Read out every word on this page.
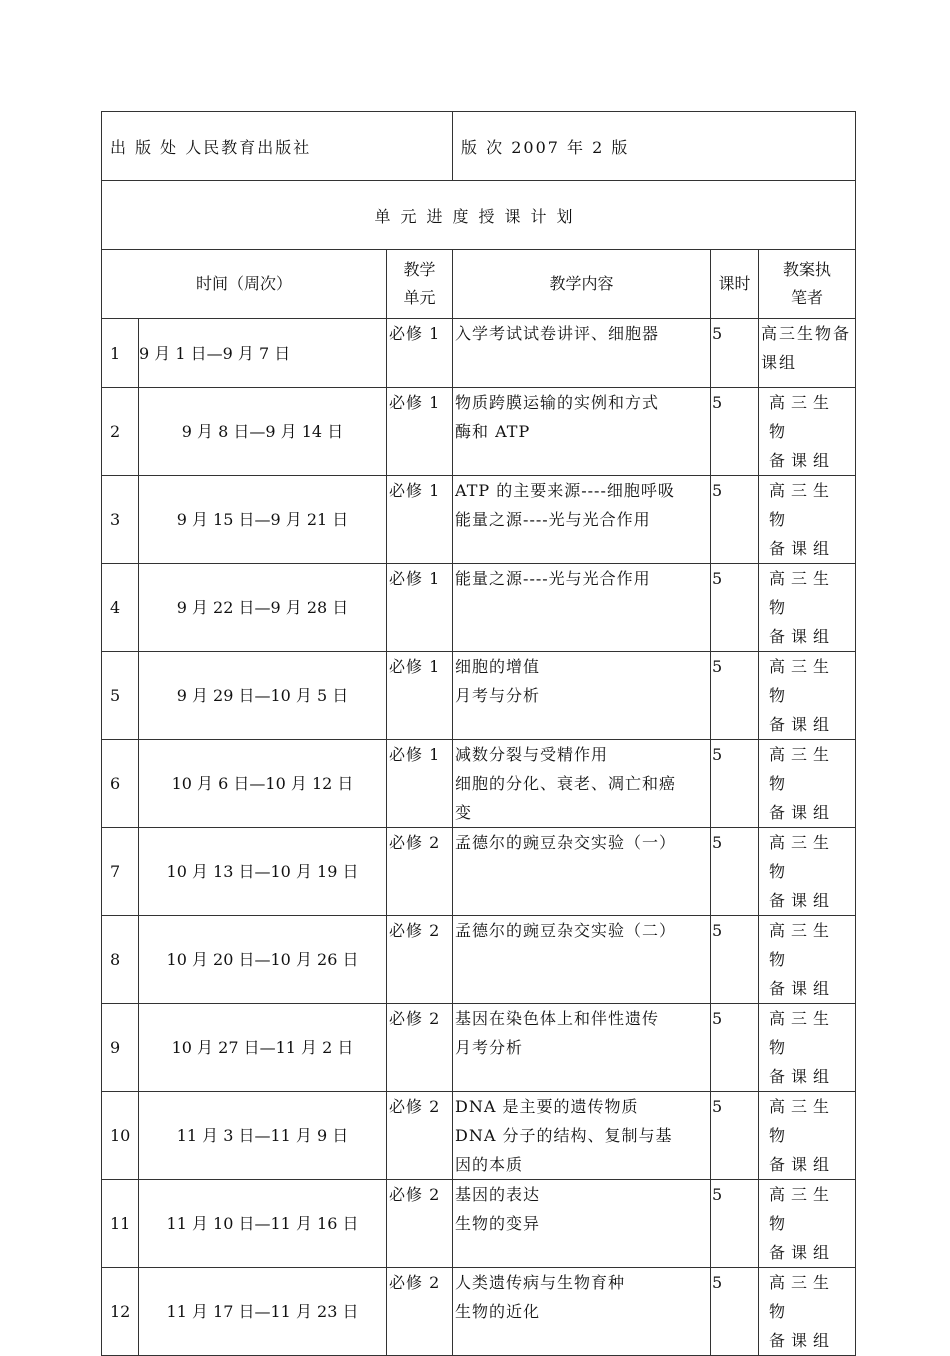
出 版 处 人民教育出版社			版 次 2007 年 2 版		
单元进度授课计划					
时间（周次）		教学
单元	教学内容	课时	教案执
笔者

1	9 月 1 日—9 月 7 日	必修 1	入学考试试卷讲评、细胞器	5	高三生物备
课组

2	9 月 8 日—9 月 14 日	必修 1	物质跨膜运输的实例和方式
酶和 ATP	5	高三生物
备课组

3	9 月 15 日—9 月 21 日	必修 1	ATP 的主要来源----细胞呼吸
能量之源----光与光合作用	5	高三生物
备课组

4	9 月 22 日—9 月 28 日	必修 1	能量之源----光与光合作用	5	高三生物
备课组

5	9 月 29 日—10 月 5 日	必修 1	细胞的增值
月考与分析	5	高三生物
备课组

6	10 月 6 日—10 月 12 日	必修 1	减数分裂与受精作用
细胞的分化、衰老、凋亡和癌
变	5	高三生物
备课组

7	10 月 13 日—10 月 19 日	必修 2	孟德尔的豌豆杂交实验（一）	5	高三生物
备课组

8	10 月 20 日—10 月 26 日	必修 2	孟德尔的豌豆杂交实验（二）	5	高三生物
备课组

9	10 月 27 日—11 月 2 日	必修 2	基因在染色体上和伴性遗传
月考分析	5	高三生物
备课组

10	11 月 3 日—11 月 9 日	必修 2	DNA 是主要的遗传物质
DNA 分子的结构、复制与基
因的本质	5	高三生物
备课组

11	11 月 10 日—11 月 16 日	必修 2	基因的表达
生物的变异	5	高三生物
备课组

12	11 月 17 日—11 月 23 日	必修 2	人类遗传病与生物育种
生物的近化	5	高三生物
备课组
